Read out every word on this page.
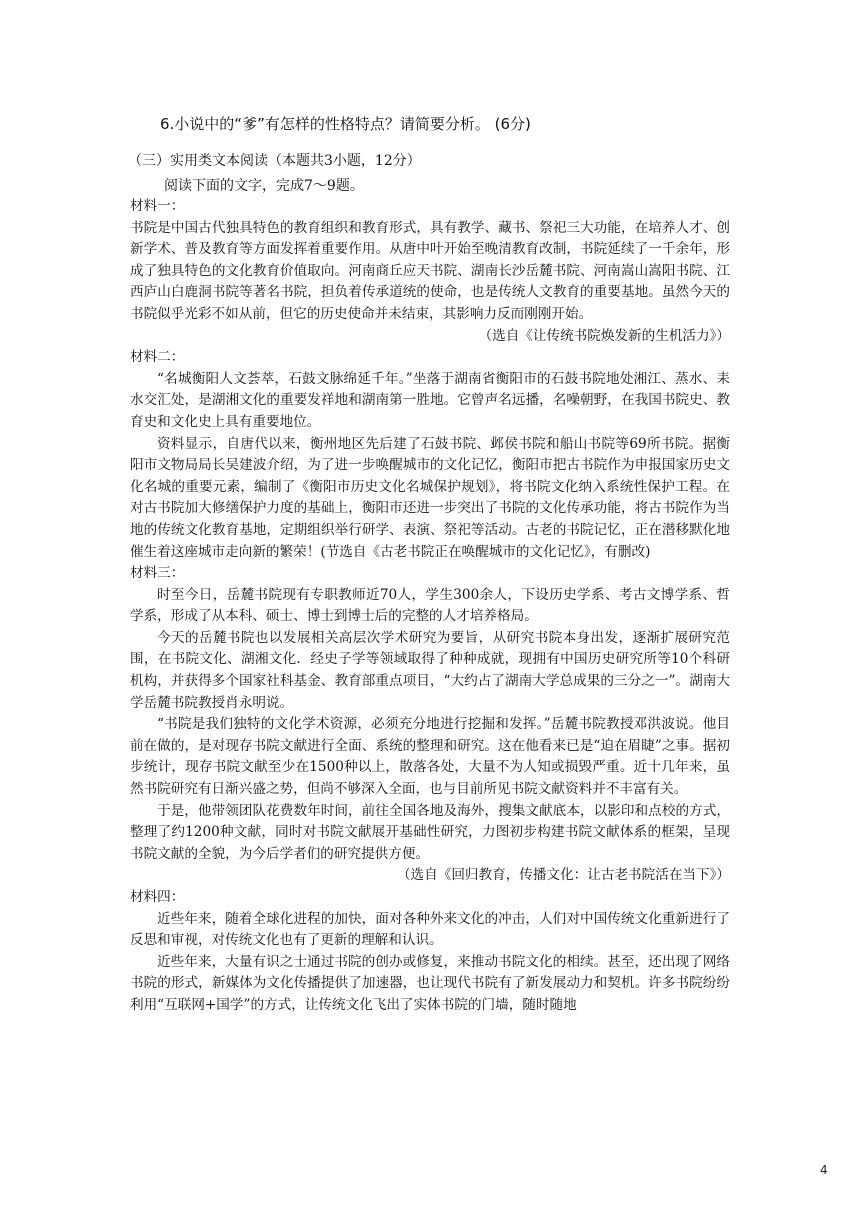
6.小说中的“爹”有怎样的性格特点？请简要分析。 (6分)
（三）实用类文本阅读（本题共3小题，12分）
阅读下面的文字，完成7～9题。

材料一：

书院是中国古代独具特色的教育组织和教育形式，具有教学、藏书、祭祀三大功能，在培养人才、创新学术、普及教育等方面发挥着重要作用。从唐中叶开始至晚清教育改制，书院延续了一千余年，形成了独具特色的文化教育价值取向。河南商丘应天书院、湖南长沙岳麓书院、河南嵩山嵩阳书院、江西庐山白鹿洞书院等著名书院，担负着传承道统的使命，也是传统人文教育的重要基地。虽然今天的书院似乎光彩不如从前，但它的历史使命并未结束，其影响力反而刚刚开始。

（选自《让传统书院焕发新的生机活力》）

材料二：

“名城衡阳人文荟萃，石鼓文脉绵延千年。”坐落于湖南省衡阳市的石鼓书院地处湘江、蒸水、耒水交汇处，是湖湘文化的重要发祥地和湖南第一胜地。它曾声名远播，名噪朝野，在我国书院史、教育史和文化史上具有重要地位。

资料显示，自唐代以来，衡州地区先后建了石鼓书院、邺侯书院和船山书院等69所书院。据衡阳市文物局局长吴建波介绍，为了进一步唤醒城市的文化记忆，衡阳市把古书院作为申报国家历史文化名城的重要元素，编制了《衡阳市历史文化名城保护规划》，将书院文化纳入系统性保护工程。在对古书院加大修缮保护力度的基础上，衡阳市还进一步突出了书院的文化传承功能，将古书院作为当地的传统文化教育基地，定期组织举行研学、表演、祭祀等活动。古老的书院记忆，正在潜移默化地催生着这座城市走向新的繁荣！(节选自《古老书院正在唤醒城市的文化记忆》，有删改)

材料三：

时至今日，岳麓书院现有专职教师近70人，学生300余人，下设历史学系、考古文博学系、哲学系，形成了从本科、硕士、博士到博士后的完整的人才培养格局。

今天的岳麓书院也以发展相关高层次学术研究为要旨，从研究书院本身出发，逐渐扩展研究范围，在书院文化、湖湘文化．经史子学等领域取得了种种成就，现拥有中国历史研究所等10个科研机构，并获得多个国家社科基金、教育部重点项目，“大约占了湖南大学总成果的三分之一”。湖南大学岳麓书院教授肖永明说。

“书院是我们独特的文化学术资源，必须充分地进行挖掘和发挥。”岳麓书院教授邓洪波说。他目前在做的，是对现存书院文献进行全面、系统的整理和研究。这在他看来已是“迫在眉睫”之事。据初步统计，现存书院文献至少在1500种以上，散落各处，大量不为人知或损毁严重。近十几年来，虽然书院研究有日渐兴盛之势，但尚不够深入全面，也与目前所见书院文献资料并不丰富有关。

于是，他带领团队花费数年时间，前往全国各地及海外，搜集文献底本，以影印和点校的方式，整理了约1200种文献，同时对书院文献展开基础性研究，力图初步构建书院文献体系的框架，呈现书院文献的全貌，为今后学者们的研究提供方便。

（选自《回归教育，传播文化：让古老书院活在当下》）

材料四：

近些年来，随着全球化进程的加快，面对各种外来文化的冲击，人们对中国传统文化重新进行了反思和审视，对传统文化也有了更新的理解和认识。

近些年来，大量有识之士通过书院的创办或修复，来推动书院文化的相续。甚至，还出现了网络书院的形式，新媒体为文化传播提供了加速器，也让现代书院有了新发展动力和契机。许多书院纷纷利用“互联网+国学”的方式，让传统文化飞出了实体书院的门墙，随时随地

4
